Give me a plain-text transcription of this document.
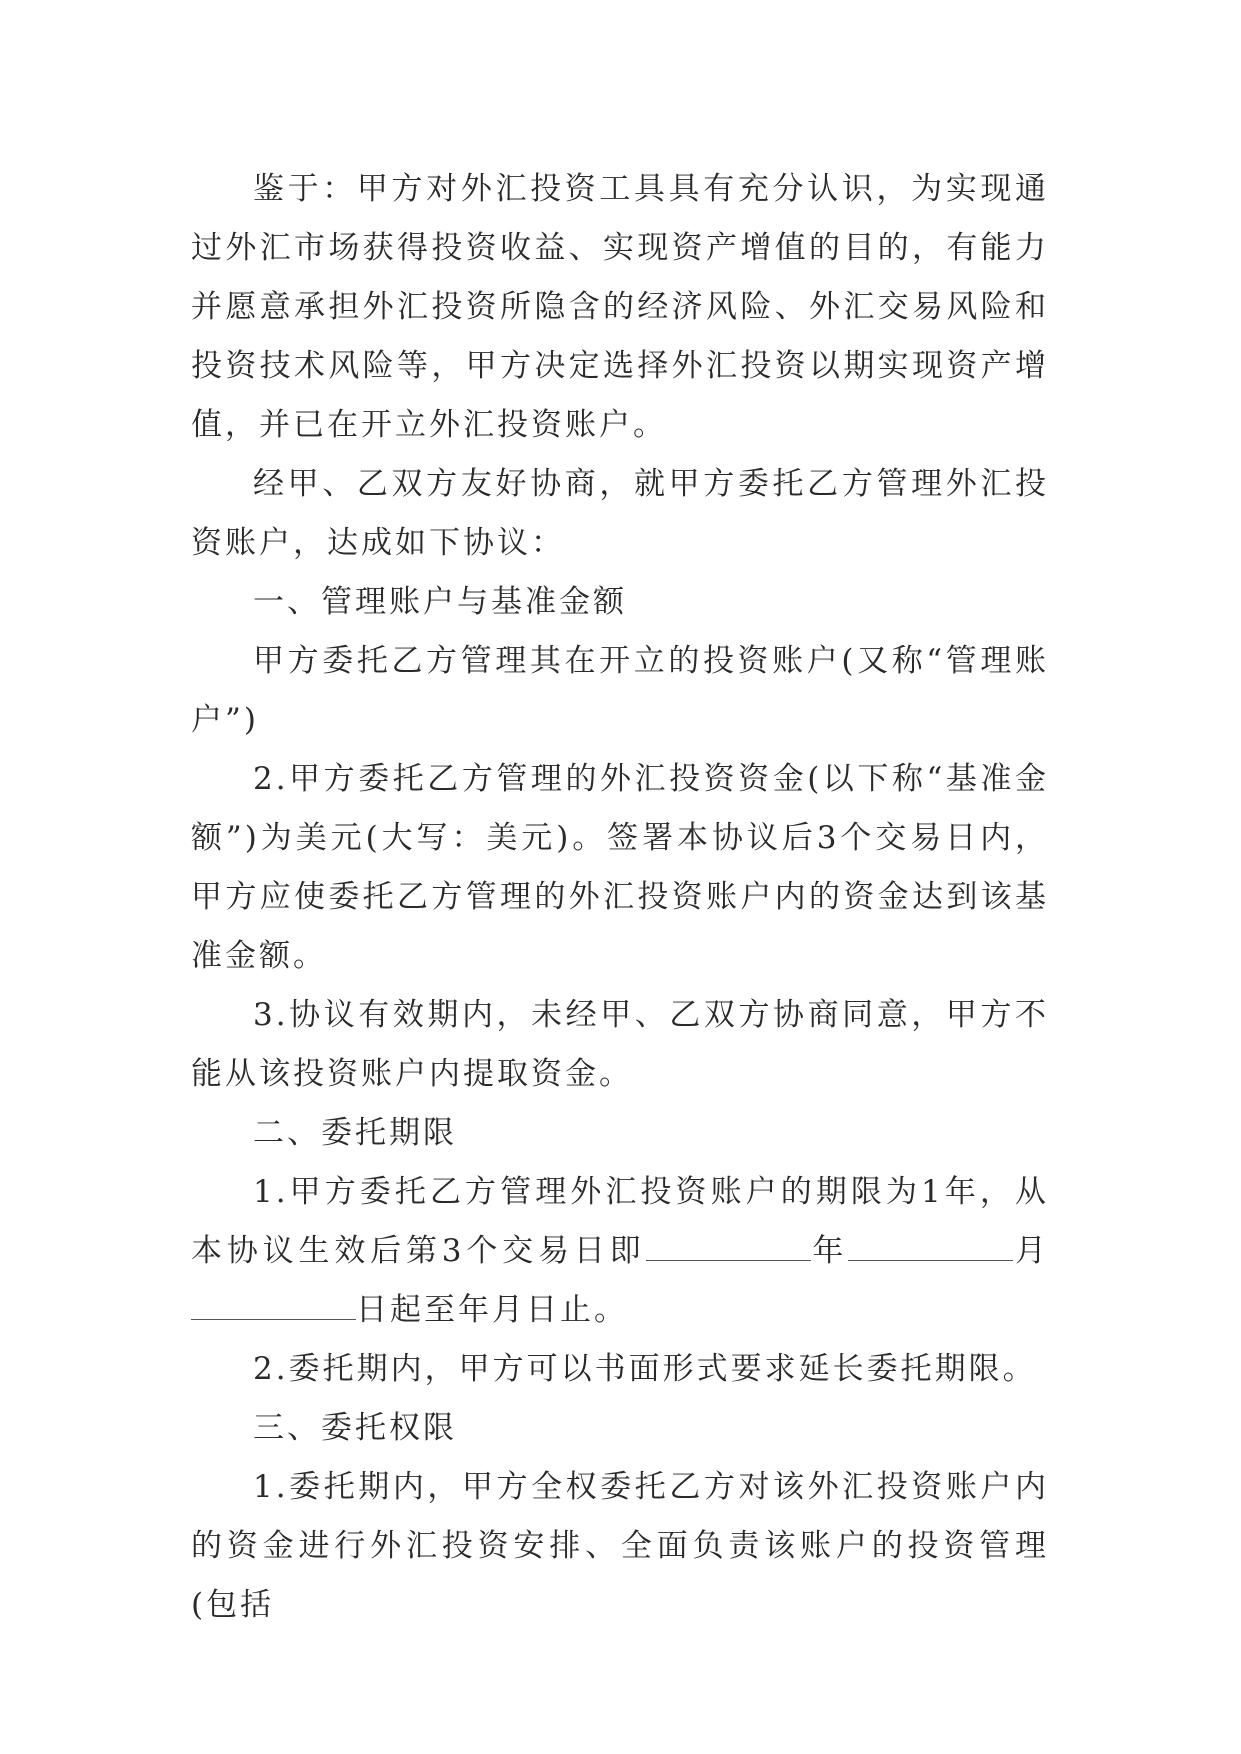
鉴于：甲方对外汇投资工具具有充分认识，为实现通过外汇市场获得投资收益、实现资产增值的目的，有能力并愿意承担外汇投资所隐含的经济风险、外汇交易风险和投资技术风险等，甲方决定选择外汇投资以期实现资产增值，并已在开立外汇投资账户。

经甲、乙双方友好协商，就甲方委托乙方管理外汇投资账户，达成如下协议：

一、管理账户与基准金额

甲方委托乙方管理其在开立的投资账户(又称“管理账户”)

2.甲方委托乙方管理的外汇投资资金(以下称“基准金额”)为美元(大写：美元)。签署本协议后3个交易日内，甲方应使委托乙方管理的外汇投资账户内的资金达到该基准金额。

3.协议有效期内，未经甲、乙双方协商同意，甲方不能从该投资账户内提取资金。

二、委托期限

1.甲方委托乙方管理外汇投资账户的期限为1年，从本协议生效后第3个交易日即	年	月日起至年月日止。

2.委托期内，甲方可以书面形式要求延长委托期限。

三、委托权限

1.委托期内，甲方全权委托乙方对该外汇投资账户内的资金进行外汇投资安排、全面负责该账户的投资管理(包括
